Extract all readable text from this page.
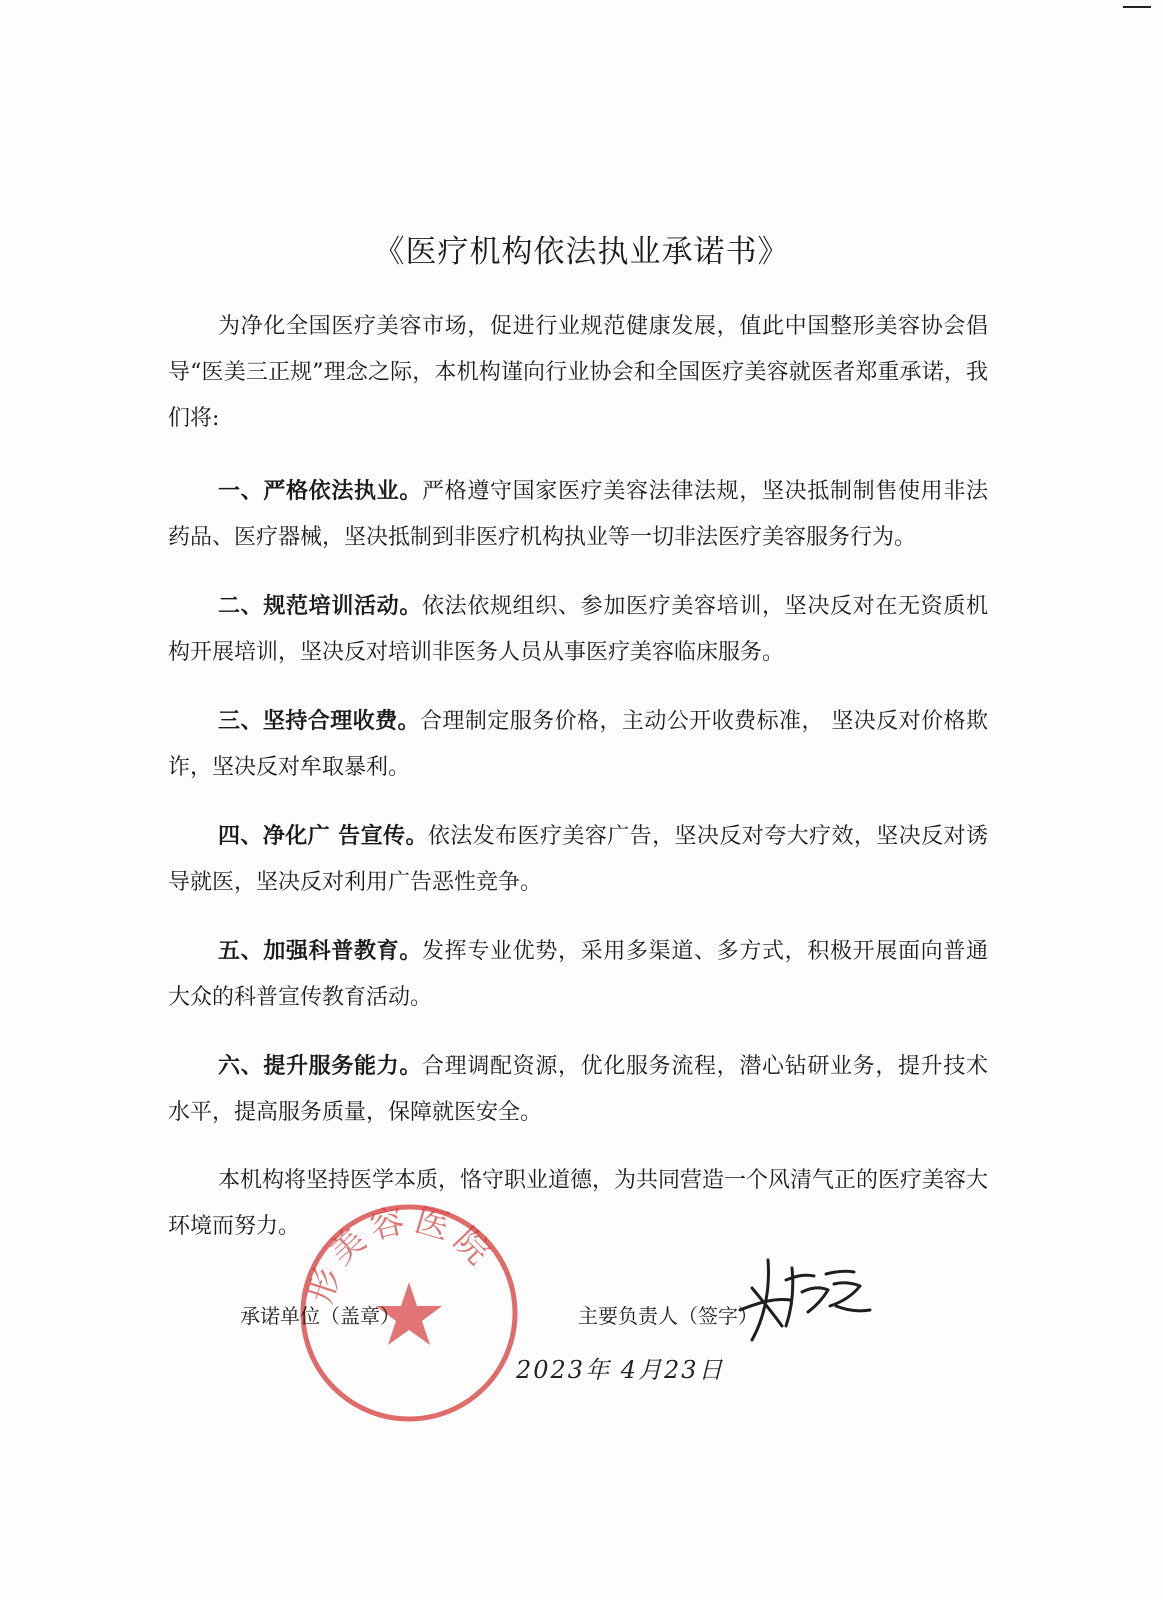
《医疗机构依法执业承诺书》

为净化全国医疗美容市场，促进行业规范健康发展，值此中国整形美容协会倡导“医美三正规”理念之际，本机构谨向行业协会和全国医疗美容就医者郑重承诺，我们将:

一、严格依法执业。严格遵守国家医疗美容法律法规，坚决抵制制售使用非法药品、医疗器械，坚决抵制到非医疗机构执业等一切非法医疗美容服务行为。

二、规范培训活动。依法依规组织、参加医疗美容培训，坚决反对在无资质机构开展培训，坚决反对培训非医务人员从事医疗美容临床服务。

三、坚持合理收费。合理制定服务价格，主动公开收费标准， 坚决反对价格欺诈，坚决反对牟取暴利。

四、净化广 告宣传。依法发布医疗美容广告，坚决反对夸大疗效，坚决反对诱导就医，坚决反对利用广告恶性竞争。

五、加强科普教育。发挥专业优势，采用多渠道、多方式，积极开展面向普通大众的科普宣传教育活动。

六、提升服务能力。合理调配资源，优化服务流程，潜心钻研业务，提升技术水平，提高服务质量，保障就医安全。

本机构将坚持医学本质，恪守职业道德，为共同营造一个风清气正的医疗美容大环境而努力。

形美容医院
承诺单位（盖章）	主要负责人（签字）
2023年 4月23日
